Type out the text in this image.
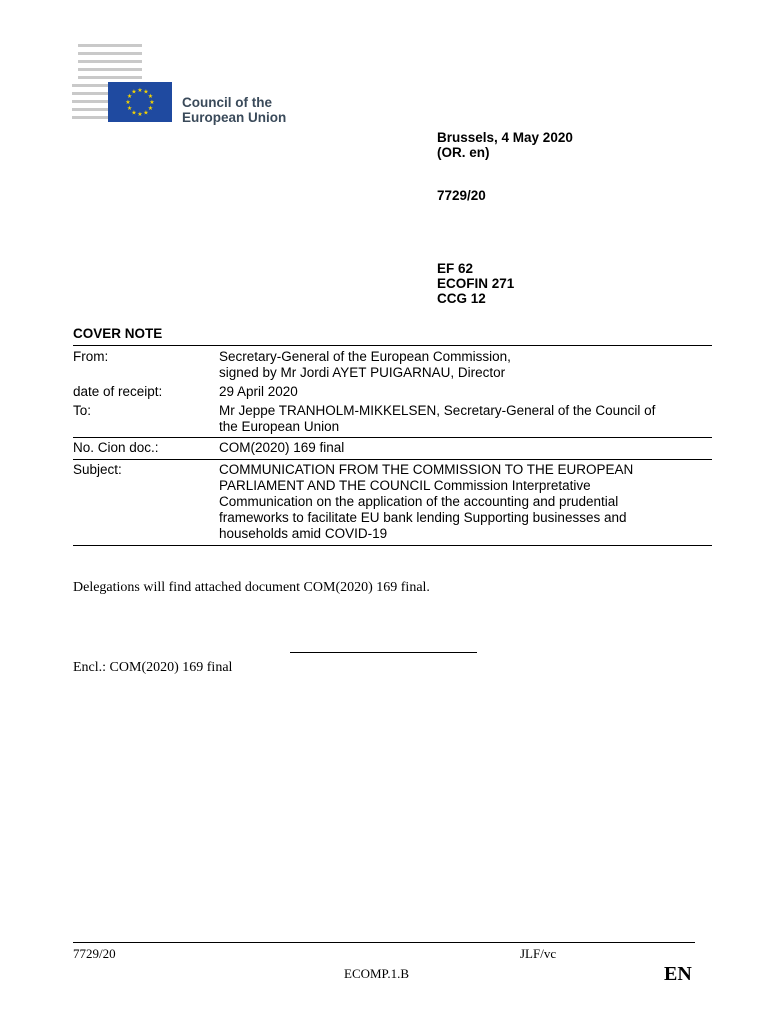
★ ★
★
★
★
★
★
★
★
★
★
★
Council of the
European Union
Brussels, 4 May 2020
(OR. en)
7729/20
EF 62
ECOFIN 271
CCG 12
COVER NOTE
From:	Secretary-General of the European Commission,
signed by Mr Jordi AYET PUIGARNAU, Director

date of receipt:	29 April 2020
To:	Mr Jeppe TRANHOLM-MIKKELSEN, Secretary-General of the Council of
the European Union

No. Cion doc.:	COM(2020) 169 final
Subject:	COMMUNICATION FROM THE COMMISSION TO THE EUROPEAN
PARLIAMENT AND THE COUNCIL Commission Interpretative
Communication on the application of the accounting and prudential
frameworks to facilitate EU bank lending Supporting businesses and
households amid COVID-19
Delegations will find attached document COM(2020) 169 final.
Encl.: COM(2020) 169 final
7729/20	JLF/vc
ECOMP.1.B	EN
